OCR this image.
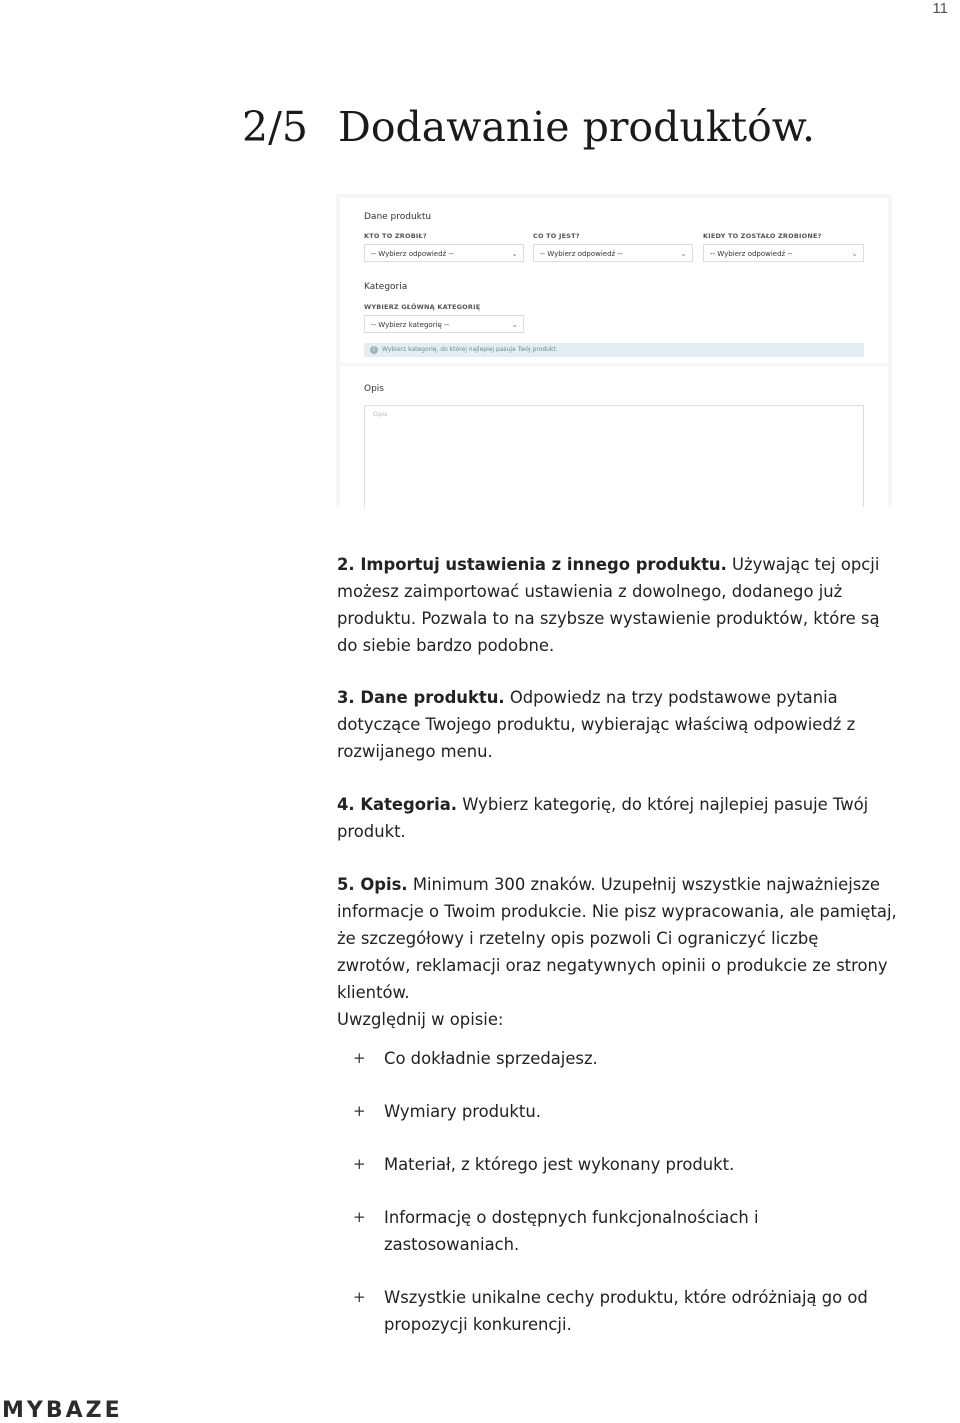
11
2/5 Dodawanie produktów.
Dane produktu
KTO TO ZROBIŁ?
-- Wybierz odpowiedź --	⌄
CO TO JEST?
-- Wybierz odpowiedź --	⌄
KIEDY TO ZOSTAŁO ZROBIONE?
-- Wybierz odpowiedź --	⌄
Kategoria
WYBIERZ GŁÓWNĄ KATEGORIĘ
-- Wybierz kategorię --	⌄
i	Wybierz kategorię, do której najlepiej pasuje Twój produkt.
Opis
Opis

2. Importuj ustawienia z innego produktu. Używając tej opcji możesz zaimportować ustawienia z dowolnego, dodanego już produktu. Pozwala to na szybsze wystawienie produktów, które są do siebie bardzo podobne.

3. Dane produktu. Odpowiedz na trzy podstawowe pytania dotyczące Twojego produktu, wybierając właściwą odpowiedź z rozwijanego menu.

4. Kategoria. Wybierz kategorię, do której najlepiej pasuje Twój produkt.

5. Opis. Minimum 300 znaków. Uzupełnij wszystkie najważniejsze informacje o Twoim produkcie. Nie pisz wypracowania, ale pamiętaj, że szczegółowy i rzetelny opis pozwoli Ci ograniczyć liczbę zwrotów, reklamacji oraz negatywnych opinii o produkcie ze strony klientów.
Uwzględnij w opisie:

+ Co dokładnie sprzedajesz.
+ Wymiary produktu.
+ Materiał, z którego jest wykonany produkt.
+ Informację o dostępnych funkcjonalnościach i zastosowaniach.
+ Wszystkie unikalne cechy produktu, które odróżniają go od propozycji konkurencji.
MYBAZE
